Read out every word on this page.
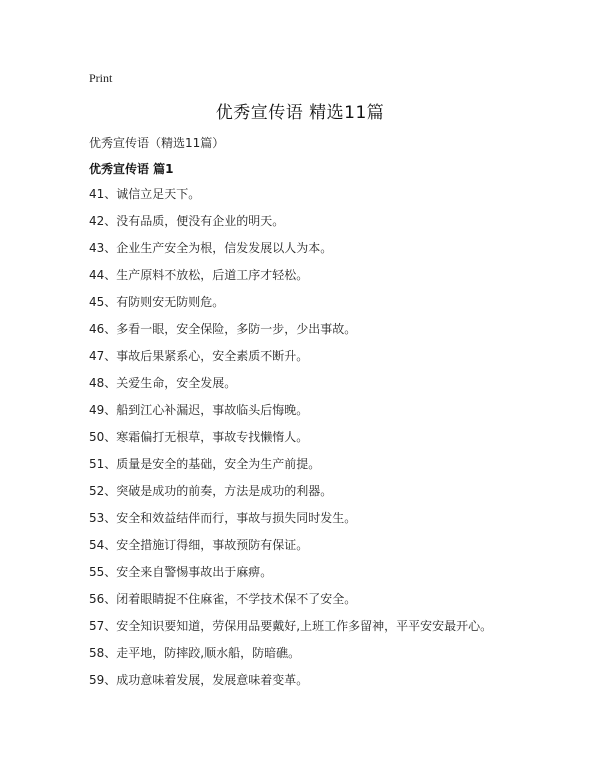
Print
优秀宣传语 精选11篇
优秀宣传语（精选11篇）
优秀宣传语 篇1
41、诚信立足天下。
42、没有品质，便没有企业的明天。
43、企业生产安全为根，信发发展以人为本。
44、生产原料不放松，后道工序才轻松。
45、有防则安无防则危。
46、多看一眼，安全保险，多防一步，少出事故。
47、事故后果紧系心，安全素质不断升。
48、关爱生命，安全发展。
49、船到江心补漏迟，事故临头后悔晚。
50、寒霜偏打无根草，事故专找懒惰人。
51、质量是安全的基础，安全为生产前提。
52、突破是成功的前奏，方法是成功的利器。
53、安全和效益结伴而行，事故与损失同时发生。
54、安全措施订得细，事故预防有保证。
55、安全来自警惕事故出于麻痹。
56、闭着眼睛捉不住麻雀，不学技术保不了安全。
57、安全知识要知道，劳保用品要戴好,上班工作多留神，平平安安最开心。
58、走平地，防摔跤,顺水船，防暗礁。
59、成功意味着发展，发展意味着变革。
